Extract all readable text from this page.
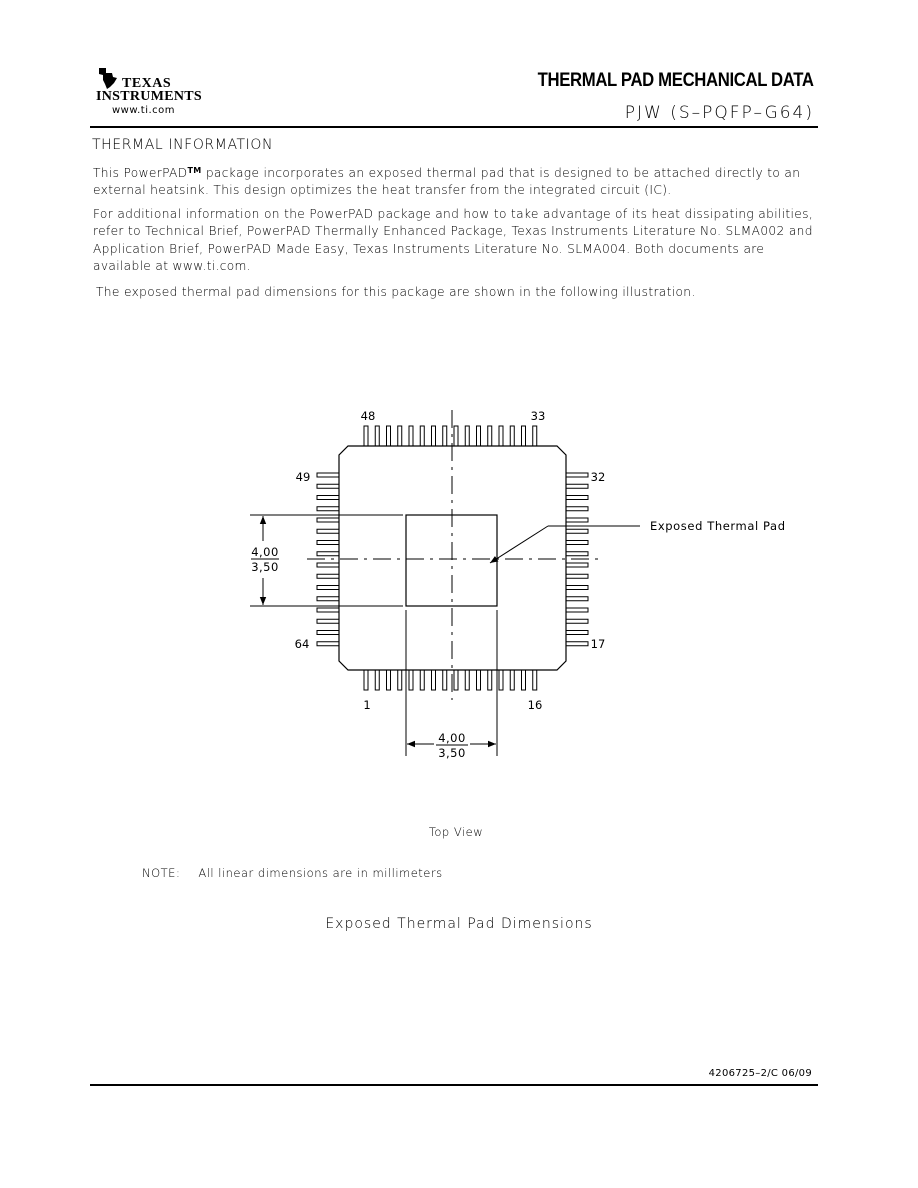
TEXAS
INSTRUMENTS
www.ti.com
THERMAL PAD MECHANICAL DATA
PJW (S–PQFP–G64)
THERMAL INFORMATION
This PowerPAD™ package incorporates an exposed thermal pad that is designed to be attached directly to an external heatsink. This design optimizes the heat transfer from the integrated circuit (IC).
For additional information on the PowerPAD package and how to take advantage of its heat dissipating abilities, refer to Technical Brief, PowerPAD Thermally Enhanced Package, Texas Instruments Literature No. SLMA002 and Application Brief, PowerPAD Made Easy, Texas Instruments Literature No. SLMA004. Both documents are available at www.ti.com.
The exposed thermal pad dimensions for this package are shown in the following illustration.
4,00
3,50
4,00
3,50
Exposed Thermal Pad
48	33
49	32
64	17
1	16
Top View
NOTE: All linear dimensions are in millimeters
Exposed Thermal Pad Dimensions
4206725–2/C 06/09
